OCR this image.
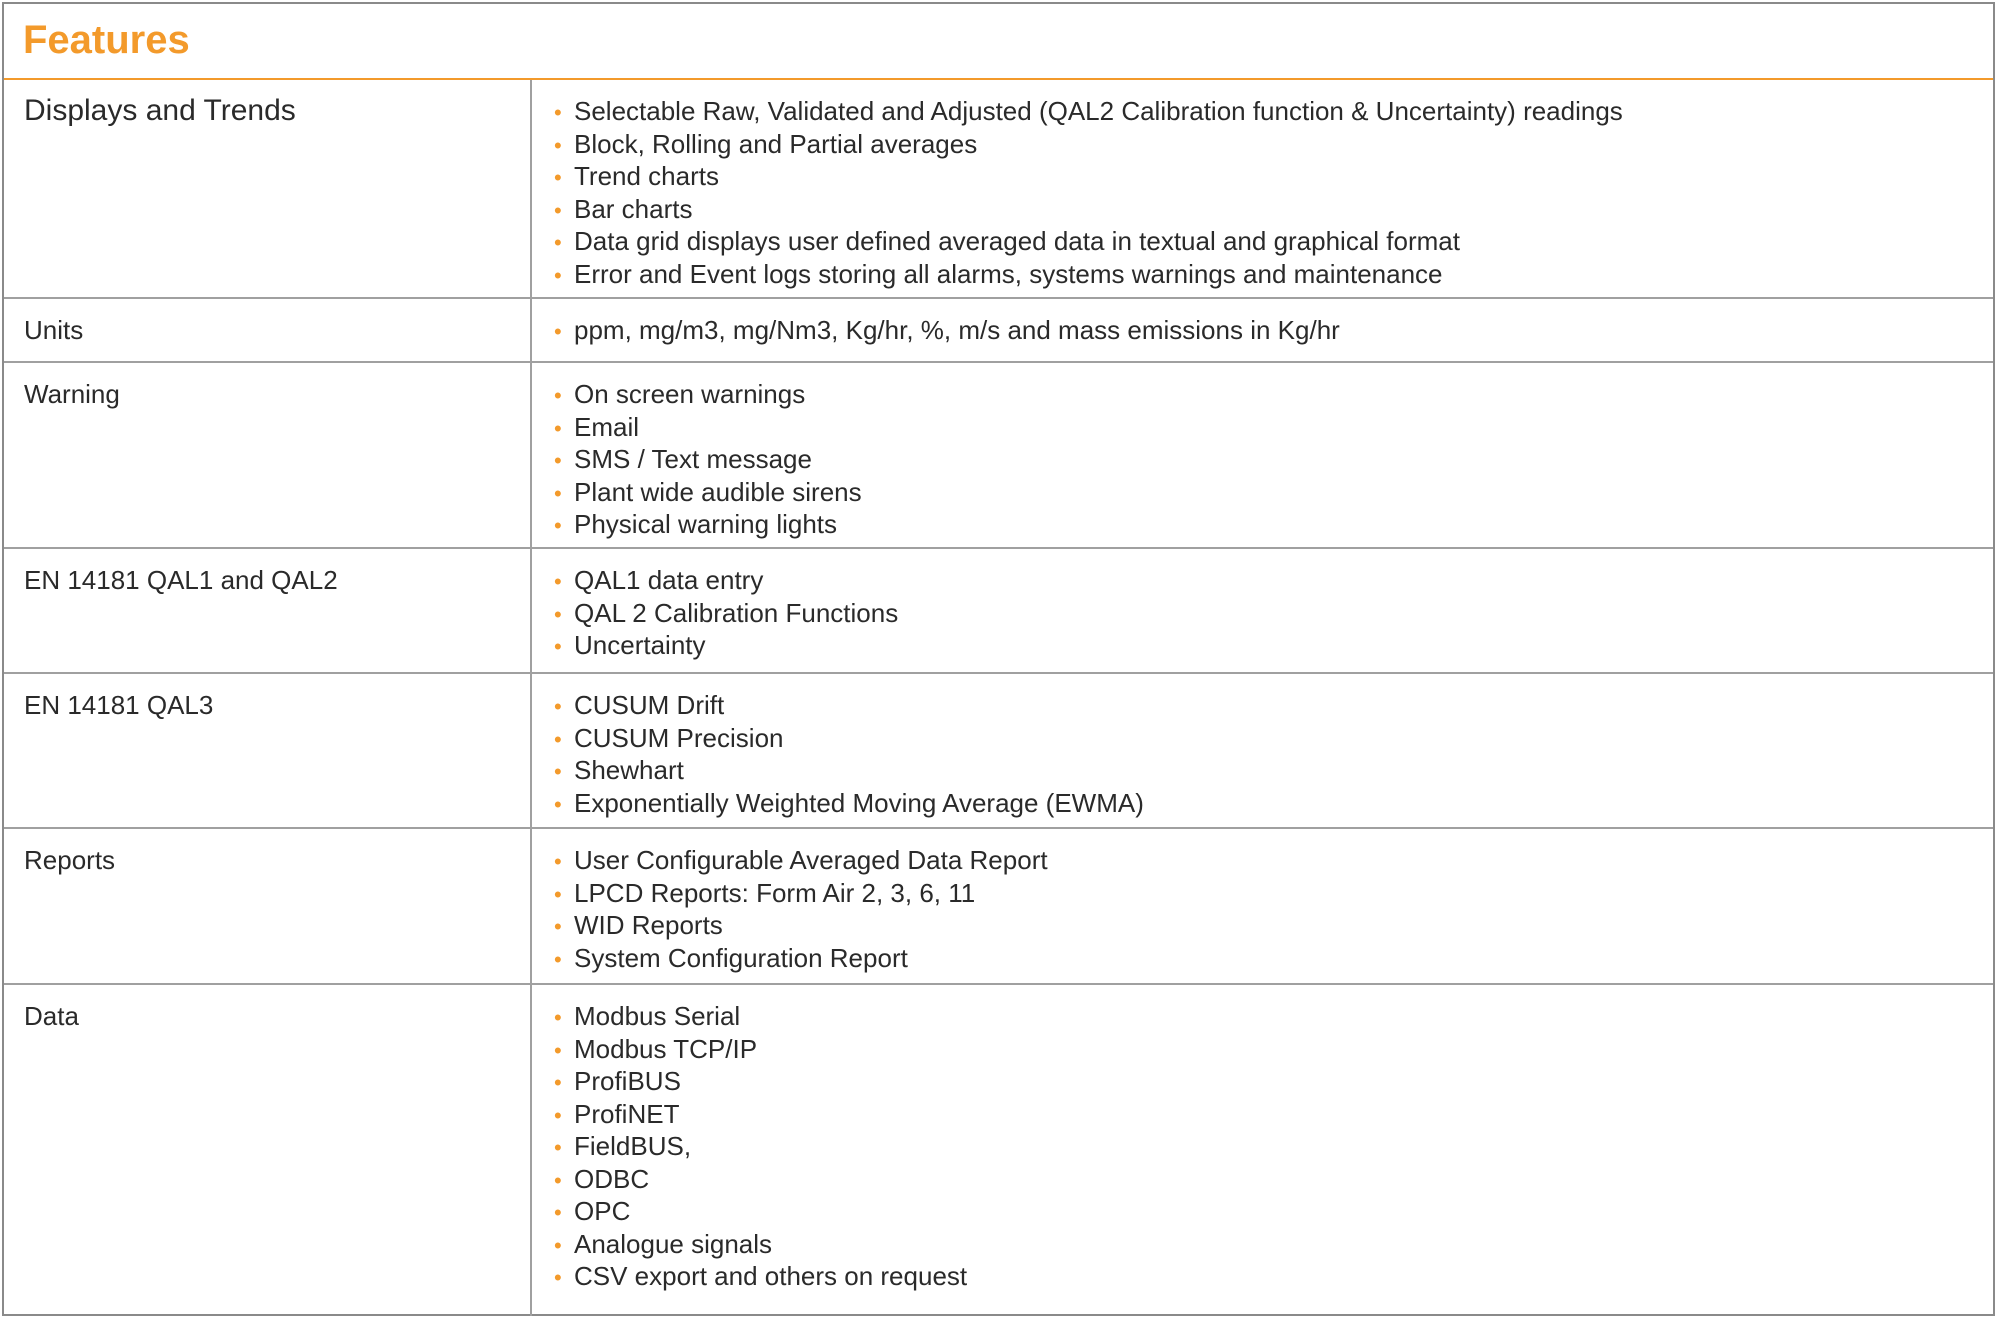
Features
Displays and Trends	• Selectable Raw, Validated and Adjusted (QAL2 Calibration function & Uncertainty) readings
• Block, Rolling and Partial averages
• Trend charts
• Bar charts
• Data grid displays user defined averaged data in textual and graphical format
• Error and Event logs storing all alarms, systems warnings and maintenance
Units	• ppm, mg/m3, mg/Nm3, Kg/hr, %, m/s and mass emissions in Kg/hr
Warning	• On screen warnings
• Email
• SMS / Text message
• Plant wide audible sirens
• Physical warning lights
EN 14181 QAL1 and QAL2	• QAL1 data entry
• QAL 2 Calibration Functions
• Uncertainty
EN 14181 QAL3	• CUSUM Drift
• CUSUM Precision
• Shewhart
• Exponentially Weighted Moving Average (EWMA)
Reports	• User Configurable Averaged Data Report
• LPCD Reports: Form Air 2, 3, 6, 11
• WID Reports
• System Configuration Report
Data	• Modbus Serial
• Modbus TCP/IP
• ProfiBUS
• ProfiNET
• FieldBUS,
• ODBC
• OPC
• Analogue signals
• CSV export and others on request
